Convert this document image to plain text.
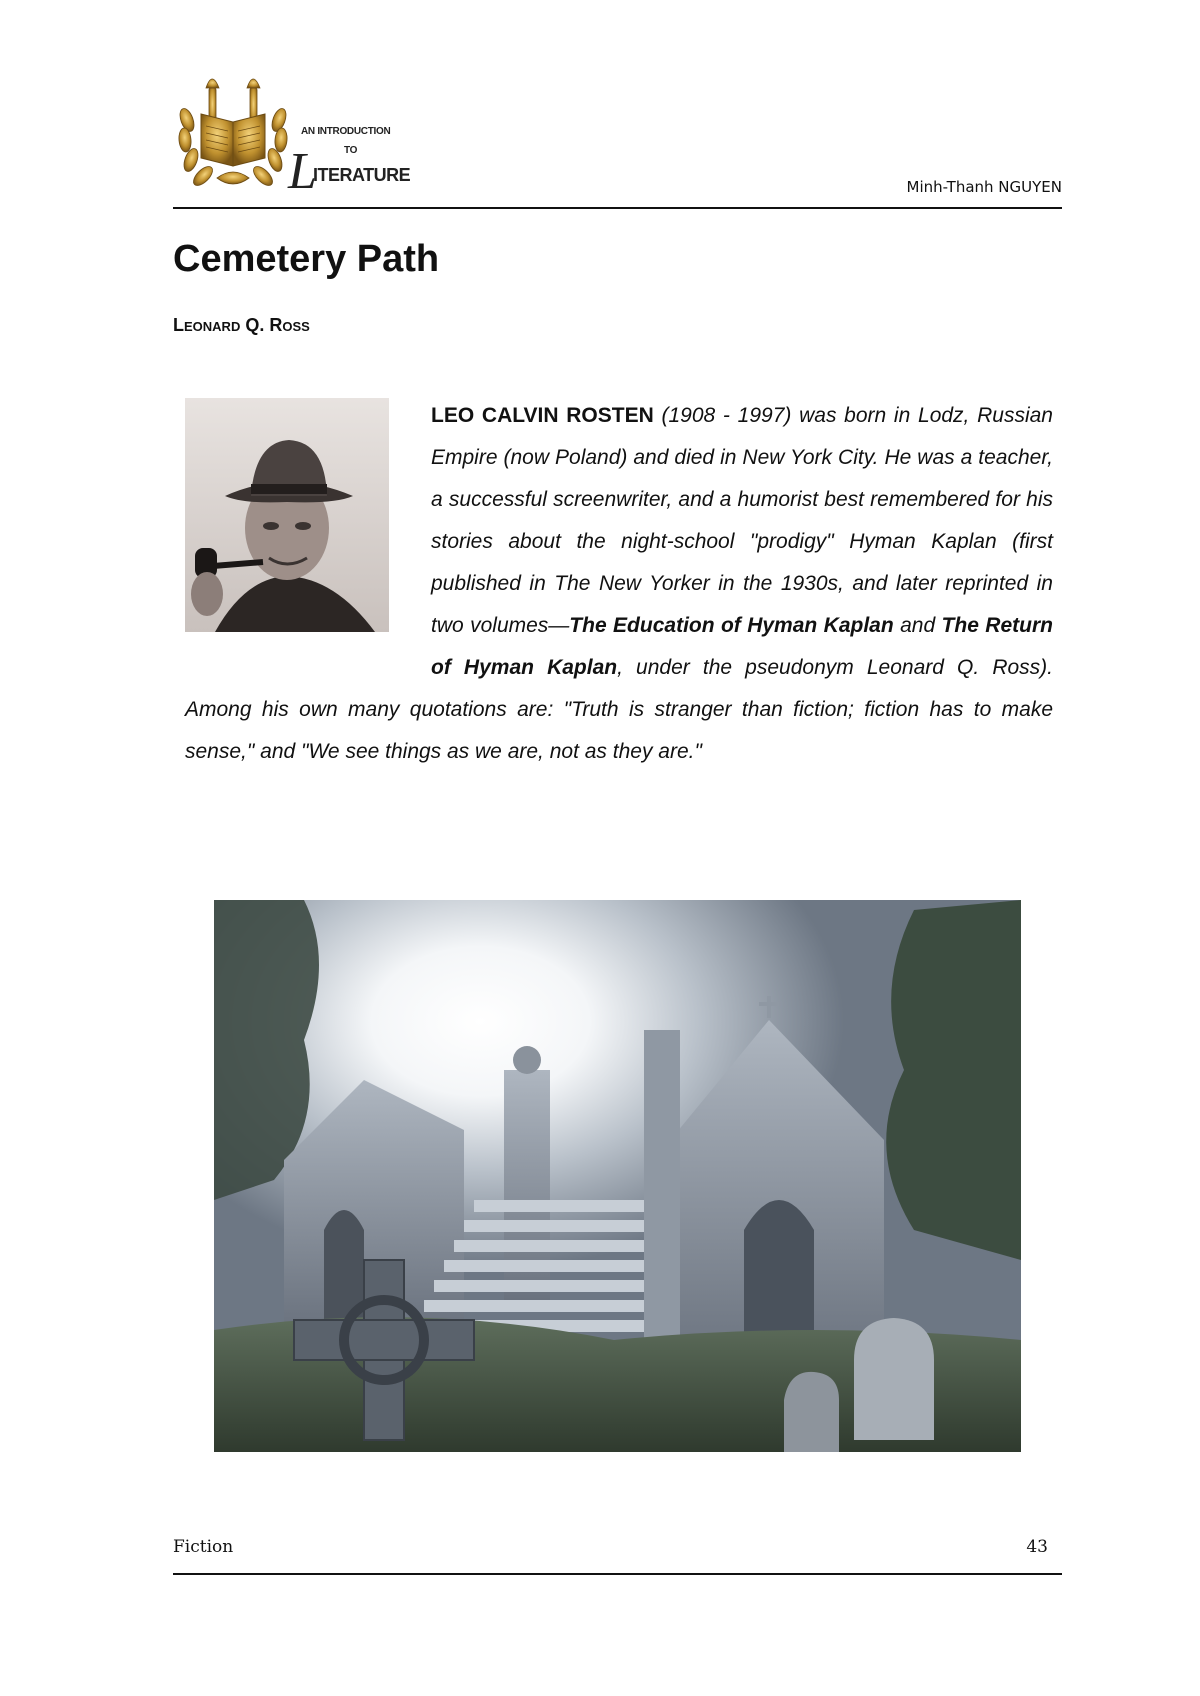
AN INTRODUCTION
TO
L
ITERATURE
Minh-Thanh NGUYEN
Cemetery Path
Leonard Q. Ross

LEO CALVIN ROSTEN (1908 - 1997) was born in Lodz, Russian Empire (now Poland) and died in New York City. He was a teacher, a successful screenwriter, and a humorist best remembered for his stories about the night-school "prodigy" Hyman Kaplan (first published in The New Yorker in the 1930s, and later reprinted in two volumes—The Education of Hyman Kaplan and The Return of Hyman Kaplan, under the pseudonym Leonard Q. Ross). Among his own many quotations are: "Truth is stranger than fiction; fiction has to make sense," and "We see things as we are, not as they are."

Fiction	43
